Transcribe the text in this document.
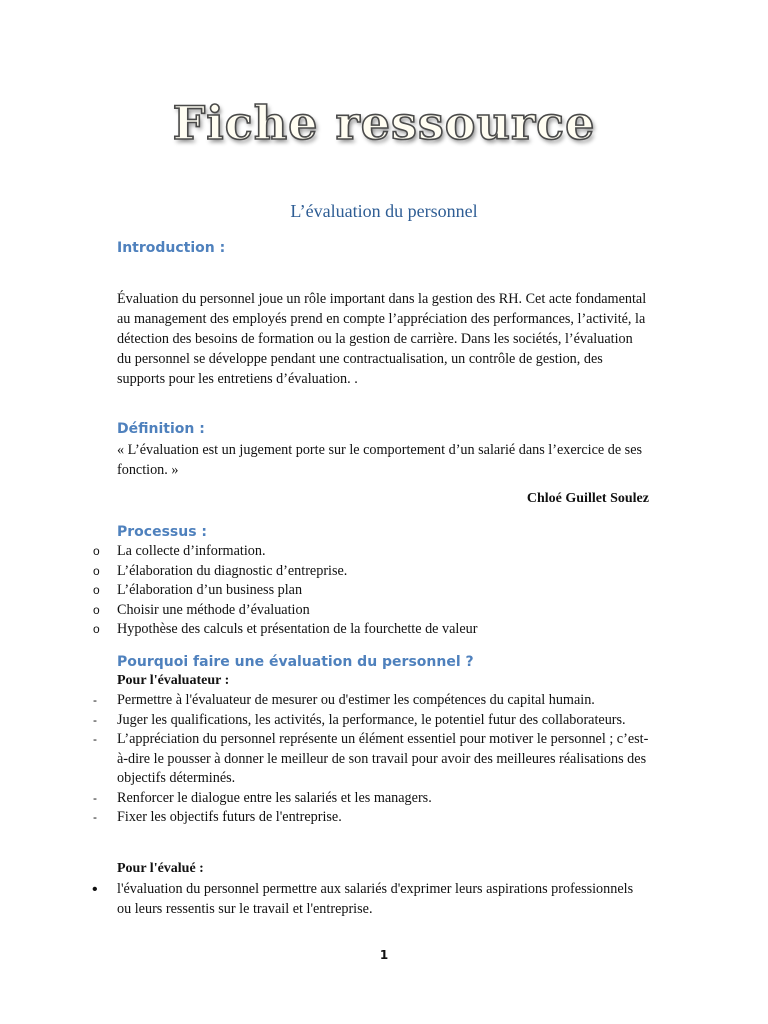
Fiche ressource
L’évaluation du personnel
Introduction :

Évaluation du personnel joue un rôle important dans la gestion des RH. Cet acte fondamental au management des employés prend en compte l’appréciation des performances, l’activité, la détection des besoins de formation ou la gestion de carrière. Dans les sociétés, l’évaluation du personnel se développe pendant une contractualisation, un contrôle de gestion, des supports pour les entretiens d’évaluation. .

Définition :

« L’évaluation est un jugement porte sur le comportement d’un salarié dans l’exercice de ses fonction. »

Chloé Guillet Soulez
Processus :
o La collecte d’information.
o L’élaboration du diagnostic d’entreprise.
o L’élaboration d’un business plan
o Choisir une méthode d’évaluation
o Hypothèse des calculs et présentation de la fourchette de valeur
Pourquoi faire une évaluation du personnel ?
Pour l'évaluateur :
- Permettre à l'évaluateur de mesurer ou d'estimer les compétences du capital humain.
- Juger les qualifications, les activités, la performance, le potentiel futur des collaborateurs.
- L’appréciation du personnel représente un élément essentiel pour motiver le personnel ; c’est-à-dire le pousser à donner le meilleur de son travail pour avoir des meilleures réalisations des objectifs déterminés.
- Renforcer le dialogue entre les salariés et les managers.
- Fixer les objectifs futurs de l'entreprise.
Pour l'évalué :
• l'évaluation du personnel permettre aux salariés d'exprimer leurs aspirations professionnels ou leurs ressentis sur le travail et l'entreprise.
1
